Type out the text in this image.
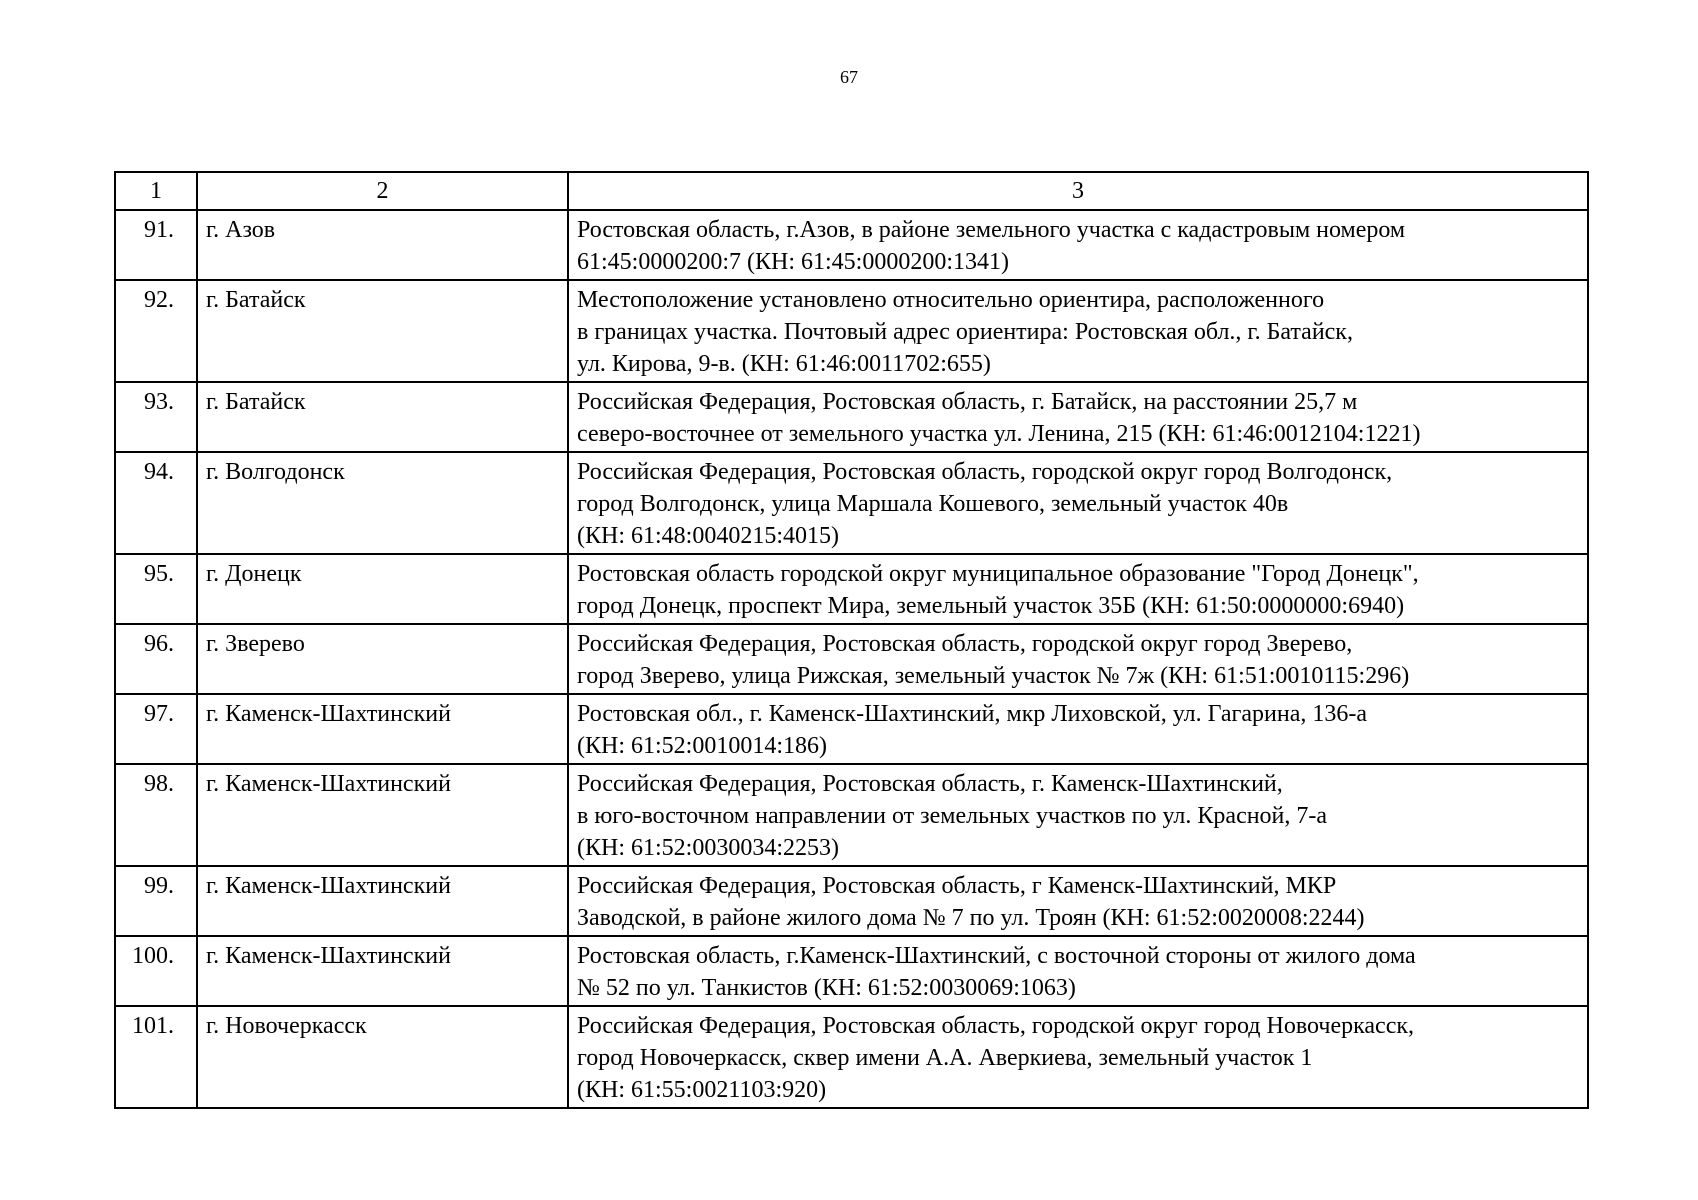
67
1	2	3
91.	г. Азов	Ростовская область, г.Азов, в районе земельного участка с кадастровым номером
61:45:0000200:7 (КН: 61:45:0000200:1341)

92.	г. Батайск	Местоположение установлено относительно ориентира, расположенного
в границах участка. Почтовый адрес ориентира: Ростовская обл., г. Батайск,
ул. Кирова, 9-в. (КН: 61:46:0011702:655)

93.	г. Батайск	Российская Федерация, Ростовская область, г. Батайск, на расстоянии 25,7 м
северо-восточнее от земельного участка ул. Ленина, 215 (КН: 61:46:0012104:1221)

94.	г. Волгодонск	Российская Федерация, Ростовская область, городской округ город Волгодонск,
город Волгодонск, улица Маршала Кошевого, земельный участок 40в
(КН: 61:48:0040215:4015)

95.	г. Донецк	Ростовская область городской округ муниципальное образование "Город Донецк",
город Донецк, проспект Мира, земельный участок 35Б (КН: 61:50:0000000:6940)

96.	г. Зверево	Российская Федерация, Ростовская область, городской округ город Зверево,
город Зверево, улица Рижская, земельный участок № 7ж (КН: 61:51:0010115:296)

97.	г. Каменск-Шахтинский	Ростовская обл., г. Каменск-Шахтинский, мкр Лиховской, ул. Гагарина, 136-а
(КН: 61:52:0010014:186)

98.	г. Каменск-Шахтинский	Российская Федерация, Ростовская область, г. Каменск-Шахтинский,
в юго-восточном направлении от земельных участков по ул. Красной, 7-а
(КН: 61:52:0030034:2253)

99.	г. Каменск-Шахтинский	Российская Федерация, Ростовская область, г Каменск-Шахтинский, МКР
Заводской, в районе жилого дома № 7 по ул. Троян (КН: 61:52:0020008:2244)

100.	г. Каменск-Шахтинский	Ростовская область, г.Каменск-Шахтинский, с восточной стороны от жилого дома
№ 52 по ул. Танкистов (КН: 61:52:0030069:1063)

101.	г. Новочеркасск	Российская Федерация, Ростовская область, городской округ город Новочеркасск,
город Новочеркасск, сквер имени А.А. Аверкиева, земельный участок 1
(КН: 61:55:0021103:920)
